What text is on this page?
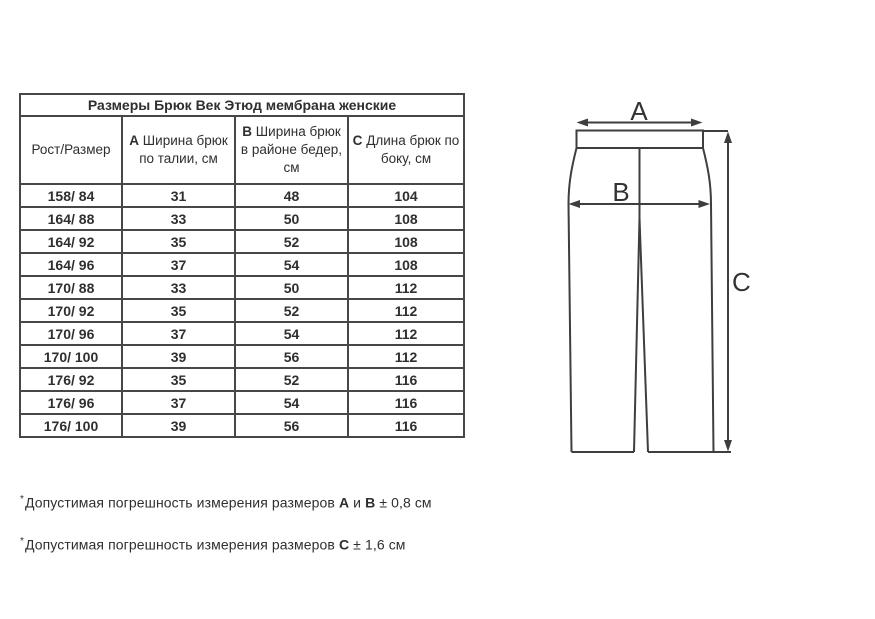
Размеры Брюк Век Этюд мембрана женские			
Рост/Размер	А Ширина брюк по талии, см	В Ширина брюк в районе бедер, см	С Длина брюк по боку, см
158/ 84	31	48	104
164/ 88	33	50	108
164/ 92	35	52	108
164/ 96	37	54	108
170/ 88	33	50	112
170/ 92	35	52	112
170/ 96	37	54	112
170/ 100	39	56	112
176/ 92	35	52	116
176/ 96	37	54	116
176/ 100	39	56	116
*Допустимая погрешность измерения размеров А и В ± 0,8 см
*Допустимая погрешность измерения размеров С ± 1,6 см
A
B
C
